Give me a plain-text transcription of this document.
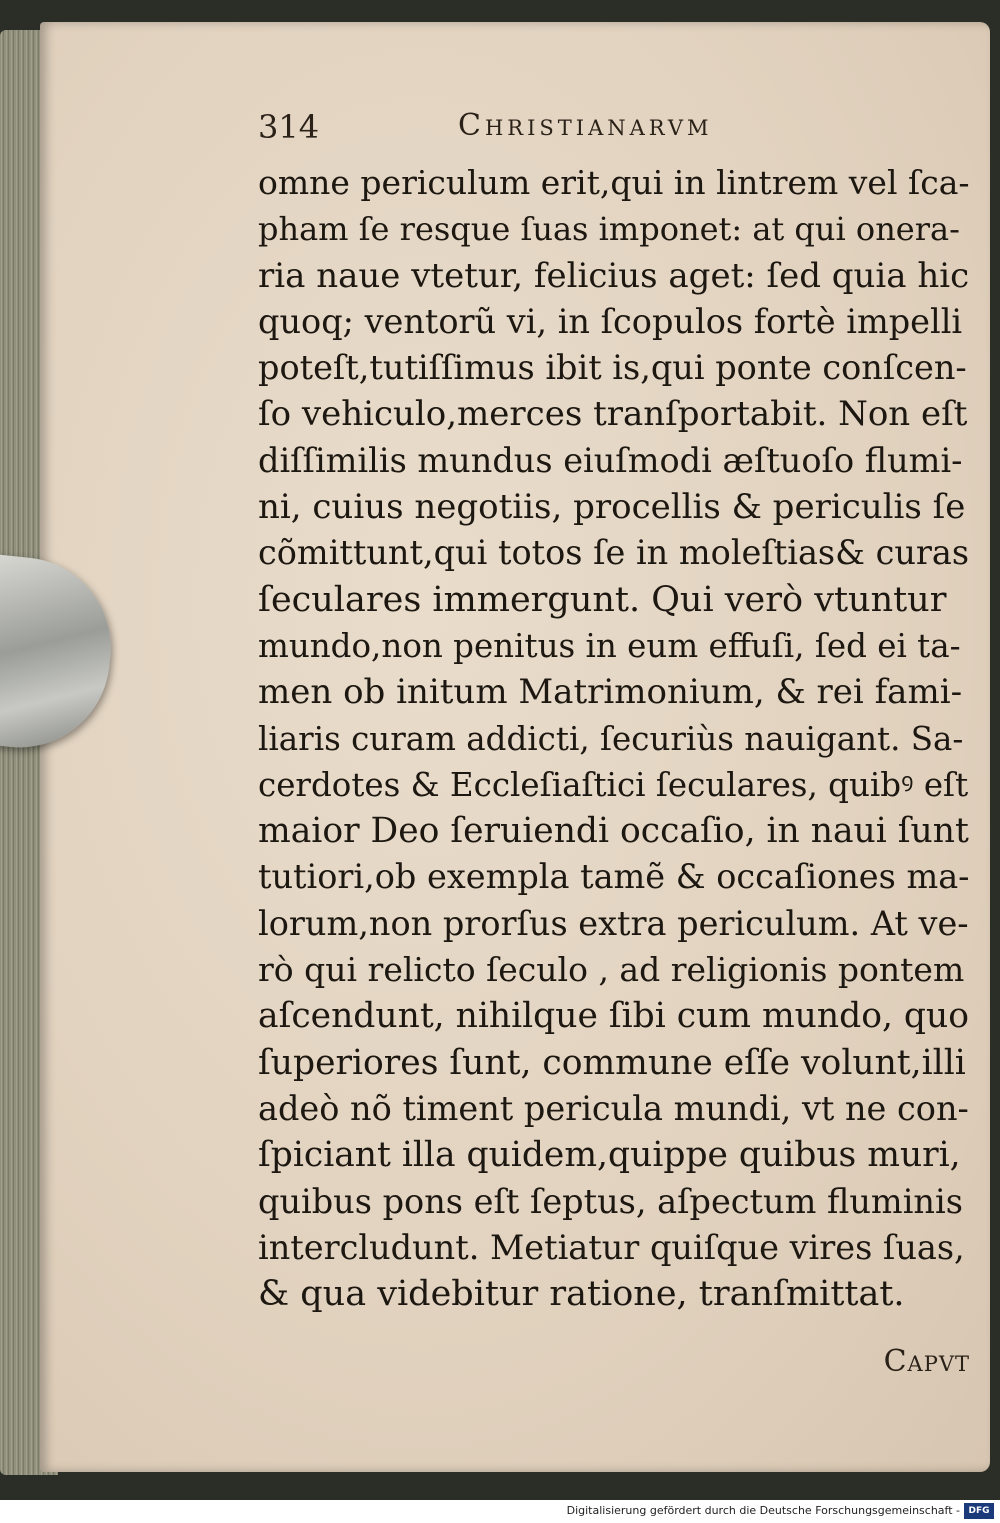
314	Christianarvm
omne periculum erit,qui in lintrem vel ſca-
pham ſe resque ſuas imponet: at qui onera-
ria naue vtetur, felicius aget: ſed quia hic
quoq; ventorũ vi, in ſcopulos fortè impelli
poteſt,tutiſſimus ibit is,qui ponte conſcen-
ſo vehiculo,merces tranſportabit. Non eſt
diſſimilis mundus eiuſmodi æſtuoſo flumi-
ni, cuius negotiis, procellis & periculis ſe
cõmittunt,qui totos ſe in moleſtias& curas
ſeculares immergunt. Qui verò vtuntur
mundo,non penitus in eum effuſi, ſed ei ta-
men ob initum Matrimonium, & rei fami-
liaris curam addicti, ſecuriùs nauigant. Sa-
cerdotes & Eccleſiaſtici ſeculares, quibꝰ eſt
maior Deo ſeruiendi occaſio, in naui ſunt
tutiori,ob exempla tamẽ & occaſiones ma-
lorum,non prorſus extra periculum. At ve-
rò qui relicto ſeculo , ad religionis pontem
aſcendunt, nihilque ſibi cum mundo, quo
ſuperiores ſunt, commune eſſe volunt,illi
adeò nõ timent pericula mundi, vt ne con-
ſpiciant illa quidem,quippe quibus muri,
quibus pons eſt ſeptus, aſpectum fluminis
intercludunt. Metiatur quiſque vires ſuas,
& qua videbitur ratione, tranſmittat.
Capvt
Digitalisierung gefördert durch die Deutsche Forschungsgemeinschaft - DFG
